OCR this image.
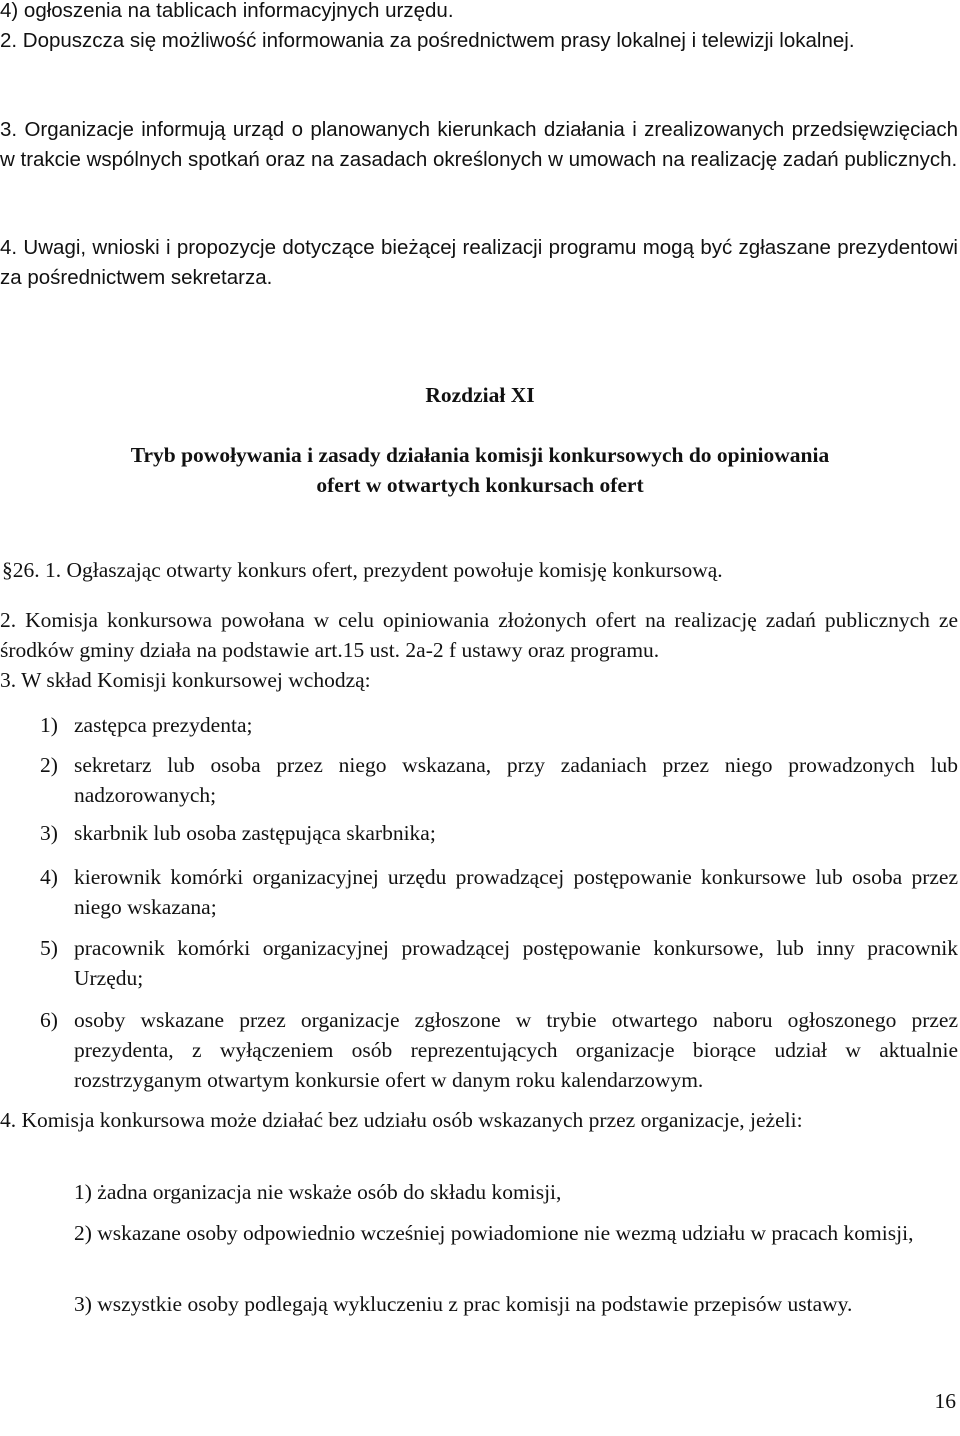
4) ogłoszenia na tablicach informacyjnych urzędu.

2. Dopuszcza się możliwość informowania za pośrednictwem prasy lokalnej i telewizji lokalnej.

3. Organizacje informują urząd o planowanych kierunkach działania i zrealizowanych przedsięwzięciach w trakcie wspólnych spotkań oraz na zasadach określonych w umowach na realizację zadań publicznych.

4. Uwagi, wnioski i propozycje dotyczące bieżącej realizacji programu mogą być zgłaszane prezydentowi za pośrednictwem sekretarza.

Rozdział XI

Tryb powoływania i zasady działania komisji konkursowych do opiniowania

ofert w otwartych konkursach ofert

§26. 1. Ogłaszając otwarty konkurs ofert, prezydent powołuje komisję konkursową.

2. Komisja konkursowa powołana w celu opiniowania złożonych ofert na realizację zadań publicznych ze środków gminy działa na podstawie art.15 ust. 2a-2 f ustawy oraz programu.

3. W skład Komisji konkursowej wchodzą:

1) zastępca prezydenta;
2) sekretarz lub osoba przez niego wskazana, przy zadaniach przez niego prowadzonych lub nadzorowanych;
3) skarbnik lub osoba zastępująca skarbnika;
4) kierownik komórki organizacyjnej urzędu prowadzącej postępowanie konkursowe lub osoba przez niego wskazana;
5) pracownik komórki organizacyjnej prowadzącej postępowanie konkursowe, lub inny pracownik Urzędu;
6) osoby wskazane przez organizacje zgłoszone w trybie otwartego naboru ogłoszonego przez prezydenta, z wyłączeniem osób reprezentujących organizacje biorące udział w aktualnie rozstrzyganym otwartym konkursie ofert w danym roku kalendarzowym.

4. Komisja konkursowa może działać bez udziału osób wskazanych przez organizacje, jeżeli:

1) żadna organizacja nie wskaże osób do składu komisji,

2) wskazane osoby odpowiednio wcześniej powiadomione nie wezmą udziału w pracach komisji,

3) wszystkie osoby podlegają wykluczeniu z prac komisji na podstawie przepisów ustawy.

16
